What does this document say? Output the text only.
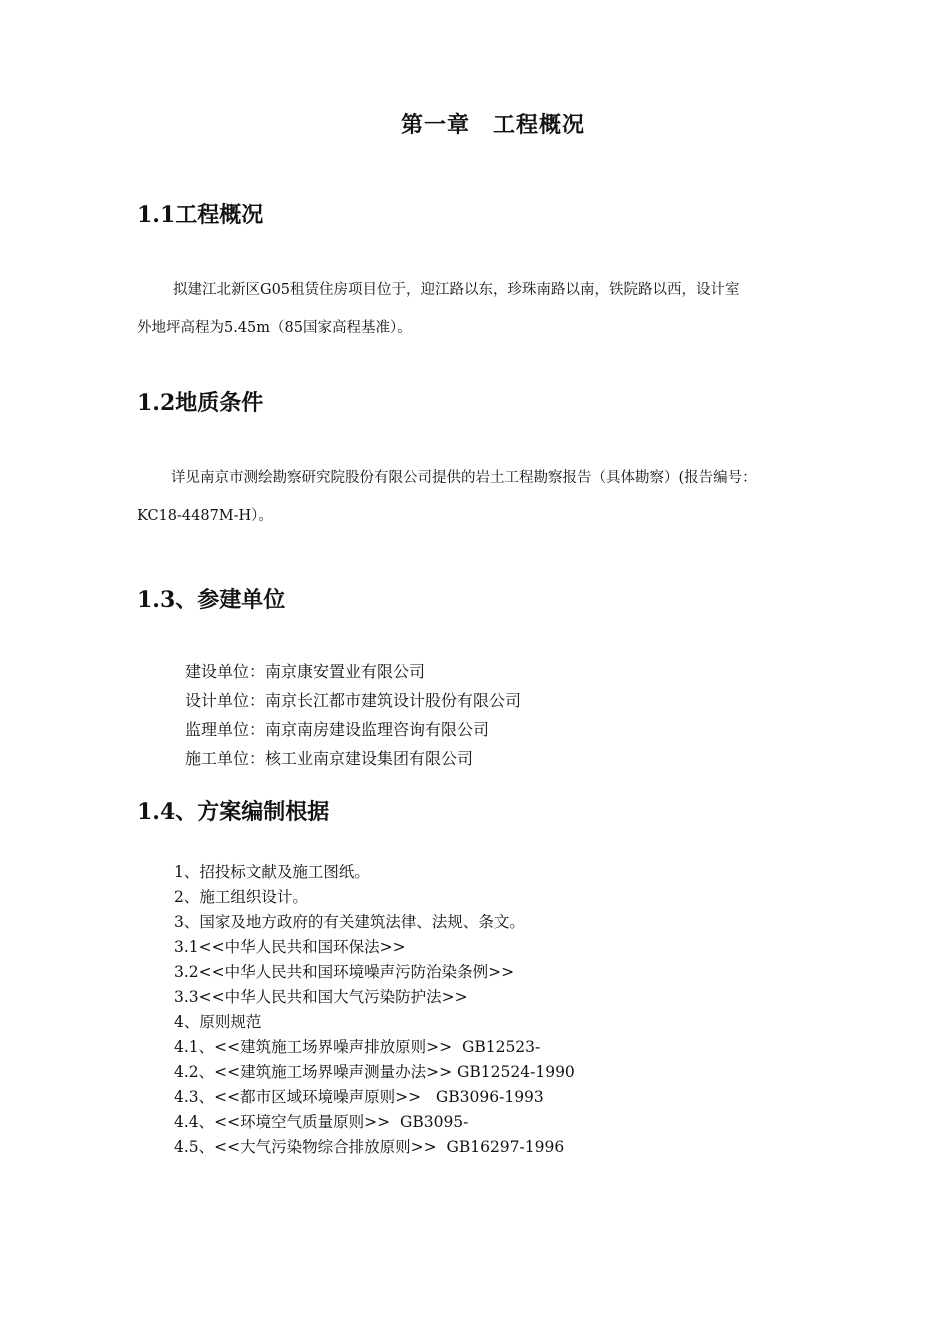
第一章　工程概况
1.1工程概况
拟建江北新区G05租赁住房项目位于，迎江路以东，珍珠南路以南，铁院路以西，设计室
外地坪高程为5.45m（85国家高程基准）。
1.2地质条件
详见南京市测绘勘察研究院股份有限公司提供的岩土工程勘察报告（具体勘察）(报告编号：
KC18-4487M-H）。
1.3、参建单位
建设单位：南京康安置业有限公司
设计单位：南京长江都市建筑设计股份有限公司
监理单位：南京南房建设监理咨询有限公司
施工单位：核工业南京建设集团有限公司
1.4、方案编制根据
1、招投标文献及施工图纸。
2、施工组织设计。
3、国家及地方政府的有关建筑法律、法规、条文。
3.1<<中华人民共和国环保法>>
3.2<<中华人民共和国环境噪声污防治染条例>>
3.3<<中华人民共和国大气污染防护法>>
4、原则规范
4.1、<<建筑施工场界噪声排放原则>>  GB12523-
4.2、<<建筑施工场界噪声测量办法>> GB12524-1990
4.3、<<都市区域环境噪声原则>>   GB3096-1993
4.4、<<环境空气质量原则>>  GB3095-
4.5、<<大气污染物综合排放原则>>  GB16297-1996
